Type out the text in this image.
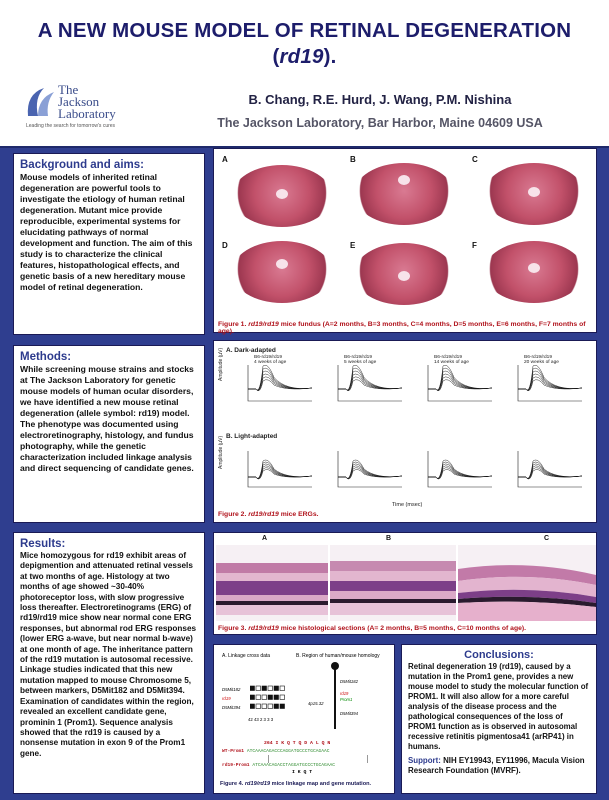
A NEW MOUSE MODEL OF RETINAL DEGENERATION
(rd19).
The
Jackson
Laboratory
Leading the search for tomorrow's cures
B. Chang, R.E. Hurd, J. Wang, P.M. Nishina
The Jackson Laboratory, Bar Harbor, Maine 04609 USA
Background and aims:

Mouse models of inherited retinal degeneration are powerful tools to investigate the etiology of human retinal degeneration. Mutant mice provide reproducible, experimental systems for elucidating pathways of normal development and function. The aim of this study is to characterize the clinical features, histopathological effects, and genetic basis of a new hereditary mouse model of retinal degeneration.

A	B	C
D	E	F
Figure 1. rd19/rd19 mice fundus (A=2 months, B=3 months, C=4 months, D=5 months, E=6 months, F=7 months of age).
Methods:

While screening mouse strains and stocks at The Jackson Laboratory for genetic mouse models of human ocular disorders, we have identified a new mouse retinal degeneration (allele symbol: rd19) model. The phenotype was documented using electroretinography, histology, and fundus photography, while the genetic characterization included linkage analysis and direct sequencing of candidate genes.

A. Dark-adapted
B. Light-adapted
B6-rd19/rd19
4 weeks of age
B6-rd19/rd19
5 weeks of age
B6-rd19/rd19
14 weeks of age
B6-rd19/rd19
20 weeks of age
Amplitude (µV)
Amplitude (µV)
Time (msec)
Figure 2. rd19/rd19 mice ERGs.
Results:

Mice homozygous for rd19 exhibit areas of depigmention and attenuated retinal vessels at two months of age. Histology at two months of age showed ~30-40% photoreceptor loss, with slow progressive loss thereafter. Electroretinograms (ERG) of rd19/rd19 mice show near normal cone ERG responses, but abnormal rod ERG responses (lower ERG a-wave, but near normal b-wave) at one month of age. The inheritance pattern of the rd19 mutation is autosomal recessive. Linkage studies indicated that this new mutation mapped to mouse Chromosome 5, between markers, D5Mit182 and D5Mit394. Examination of candidates within the region, revealed an excellent candidate gene, prominin 1 (Prom1). Sequence analysis showed that the rd19 is caused by a nonsense mutation in exon 9 of the Prom1 gene.

A	B	C
Figure 3. rd19/rd19 mice histological sections (A= 2 months, B=5 months, C=10 months of age).
A. Linkage cross data	B. Region of human/mouse homology
D5Mit182
rd19
D5Mit394
42 43 2 3 3 3
D5Mit182
rd19
Prom1
D5Mit394
4p15.32
264 I K Q T Q D A L Q N
WT-Prom1 ATCAAACAGACCCAGGATGCCCTGCAGAAC
rd19-Prom1 ATCAAACAGACCTAGGATGCCCTGCAGAAC
I K Q T
Figure 4. rd19/rd19 mice linkage map and gene mutation.
Conclusions:

Retinal degeneration 19 (rd19), caused by a mutation in the Prom1 gene, provides a new mouse model to study the molecular function of PROM1. It will also allow for a more careful analysis of the disease process and the pathological consequences of the loss of PROM1 function as is observed in autosomal recessive retinitis pigmentosa41 (arRP41) in humans.

Support: NIH EY19943, EY11996, Macula Vision Research Foundation (MVRF).
